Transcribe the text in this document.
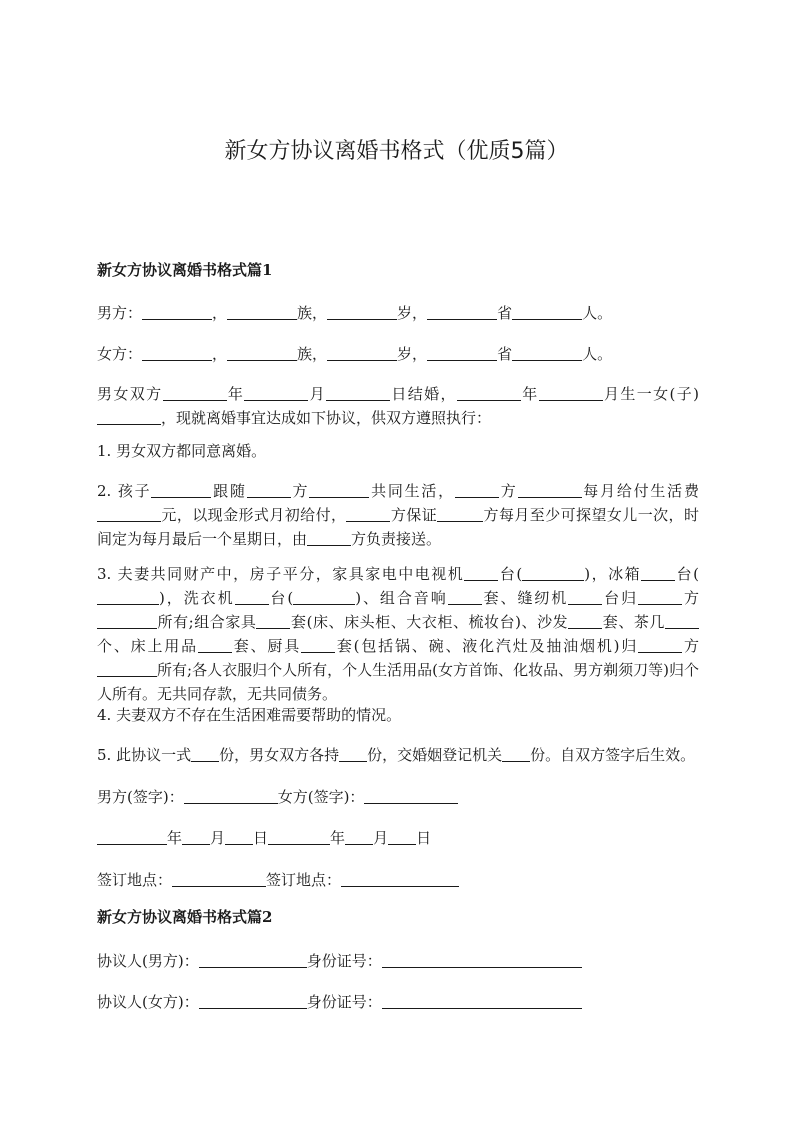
新女方协议离婚书格式（优质5篇）
新女方协议离婚书格式篇1
男方：	，	族，	岁，	省	人。
女方：	，	族，	岁，	省	人。
男女双方	年	月	日结婚，	年	月生一女(子)，现就离婚事宜达成如下协议，供双方遵照执行：
1. 男女双方都同意离婚。
2. 孩子	跟随	方	共同生活，	方	每月给付生活费元，以现金形式月初给付，	方保证	方每月至少可探望女儿一次，时间定为每月最后一个星期日，由	方负责接送。
3. 夫妻共同财产中，房子平分，家具家电中电视机 台(	)，冰箱 台()，洗衣机 台(	)、组合音响 套、缝纫机 台归	方所有;组合家具 套(床、床头柜、大衣柜、梳妆台)、沙发 套、茶几个、床上用品 套、厨具 套(包括锅、碗、液化汽灶及抽油烟机)归	方所有;各人衣服归个人所有，个人生活用品(女方首饰、化妆品、男方剃须刀等)归个人所有。无共同存款，无共同债务。
4. 夫妻双方不存在生活困难需要帮助的情况。
5. 此协议一式 份，男女双方各持 份，交婚姻登记机关 份。自双方签字后生效。
男方(签字)：	女方(签字)：
年 月 日	年 月 日
签订地点：	签订地点：
新女方协议离婚书格式篇2
协议人(男方)：	身份证号：
协议人(女方)：	身份证号：
